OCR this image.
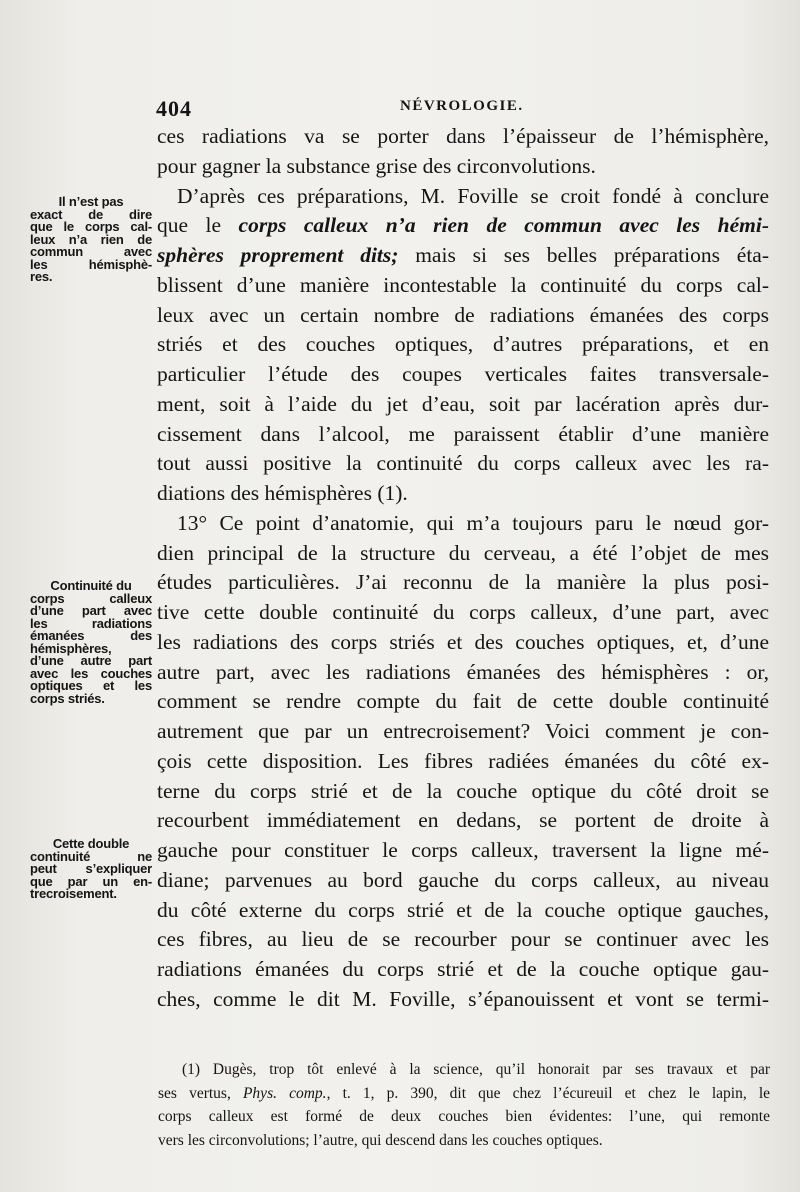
404	NÉVROLOGIE.
ces radiations va se porter dans l’épaisseur de l’hémisphère,
pour gagner la substance grise des circonvolutions.
D’après ces préparations, M. Foville se croit fondé à conclure
que le corps calleux n’a rien de commun avec les hémi-
sphères proprement dits; mais si ses belles préparations éta-
blissent d’une manière incontestable la continuité du corps cal-
leux avec un certain nombre de radiations émanées des corps
striés et des couches optiques, d’autres préparations, et en
particulier l’étude des coupes verticales faites transversale-
ment, soit à l’aide du jet d’eau, soit par lacération après dur-
cissement dans l’alcool, me paraissent établir d’une manière
tout aussi positive la continuité du corps calleux avec les ra-
diations des hémisphères (1).
13° Ce point d’anatomie, qui m’a toujours paru le nœud gor-
dien principal de la structure du cerveau, a été l’objet de mes
études particulières. J’ai reconnu de la manière la plus posi-
tive cette double continuité du corps calleux, d’une part, avec
les radiations des corps striés et des couches optiques, et, d’une
autre part, avec les radiations émanées des hémisphères : or,
comment se rendre compte du fait de cette double continuité
autrement que par un entrecroisement? Voici comment je con-
çois cette disposition. Les fibres radiées émanées du côté ex-
terne du corps strié et de la couche optique du côté droit se
recourbent immédiatement en dedans, se portent de droite à
gauche pour constituer le corps calleux, traversent la ligne mé-
diane; parvenues au bord gauche du corps calleux, au niveau
du côté externe du corps strié et de la couche optique gauches,
ces fibres, au lieu de se recourber pour se continuer avec les
radiations émanées du corps strié et de la couche optique gau-
ches, comme le dit M. Foville, s’épanouissent et vont se termi-
Il n’est pas
exact de dire
que le corps cal-
leux n’a rien de
commun avec
les hémisphè-
res.
Continuité du
corps calleux
d’une part avec
les radiations
émanées des
hémisphères,
d’une autre part
avec les couches
optiques et les
corps striés.
Cette double
continuité ne
peut s’expliquer
que par un en-
trecroisement.
(1) Dugès, trop tôt enlevé à la science, qu’il honorait par ses travaux et par
ses vertus, Phys. comp., t. 1, p. 390, dit que chez l’écureuil et chez le lapin, le
corps calleux est formé de deux couches bien évidentes: l’une, qui remonte
vers les circonvolutions; l’autre, qui descend dans les couches optiques.
